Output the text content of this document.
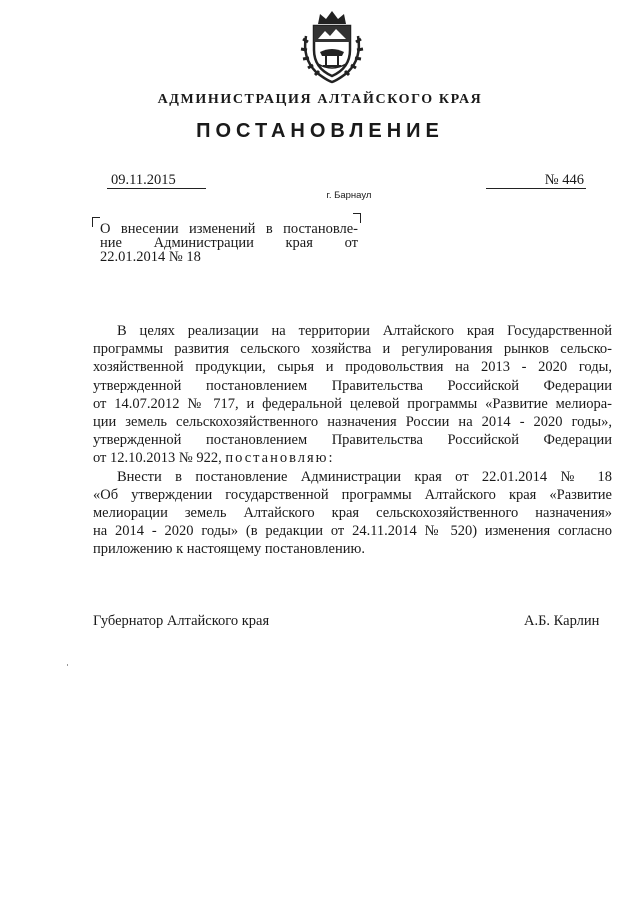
АДМИНИСТРАЦИЯ АЛТАЙСКОГО КРАЯ
ПОСТАНОВЛЕНИЕ
09.11.2015
г. Барнаул
№ 446
О внесении изменений в постановле-
ние Администрации края от
22.01.2014 № 18
В целях реализации на территории Алтайского края Государственной
программы развития сельского хозяйства и регулирования рынков сельско-
хозяйственной продукции, сырья и продовольствия на 2013 - 2020 годы,
утвержденной постановлением Правительства Российской Федерации
от 14.07.2012 № 717, и федеральной целевой программы «Развитие мелиора-
ции земель сельскохозяйственного назначения России на 2014 - 2020 годы»,
утвержденной постановлением Правительства Российской Федерации
от 12.10.2013 № 922, постановляю:
Внести в постановление Администрации края от 22.01.2014 № 18
«Об утверждении государственной программы Алтайского края «Развитие
мелиорации земель Алтайского края сельскохозяйственного назначения»
на 2014 - 2020 годы» (в редакции от 24.11.2014 № 520) изменения согласно
приложению к настоящему постановлению.
Губернатор Алтайского края	А.Б. Карлин
